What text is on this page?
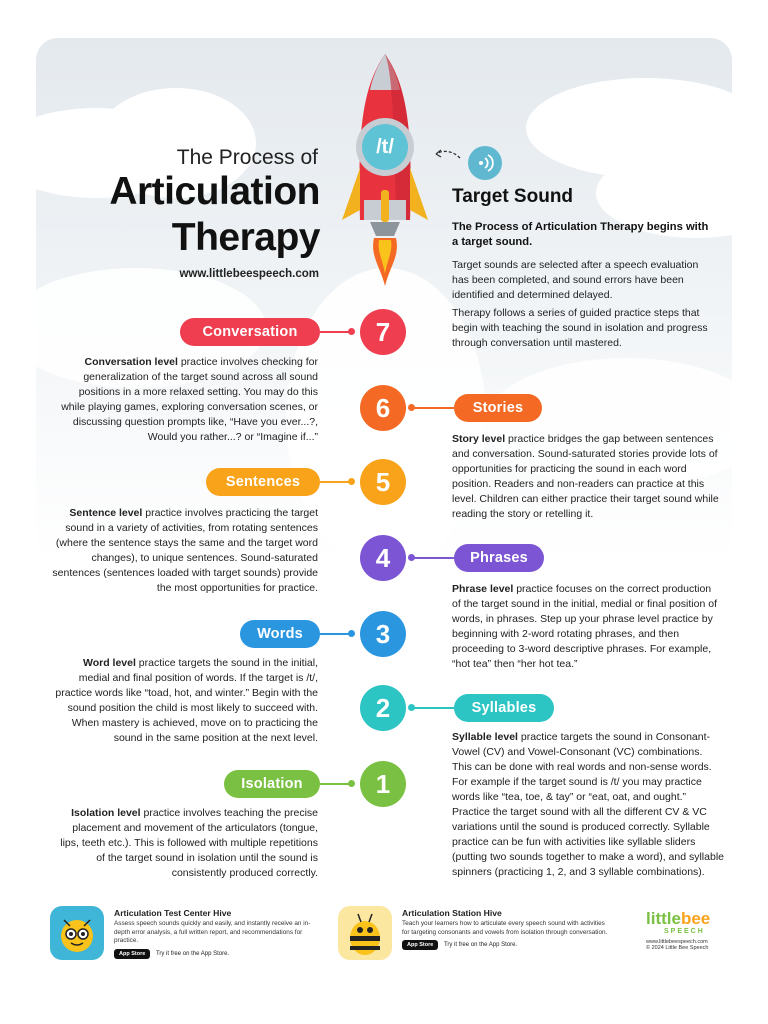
The Process of
Articulation
Therapy
www.littlebeespeech.com
/t/
Target Sound
The Process of Articulation Therapy begins with a target sound.
Target sounds are selected after a speech evaluation has been completed, and sound errors have been identified and determined delayed.
Therapy follows a series of guided practice steps that begin with teaching the sound in isolation and progress through conversation until mastered.
Conversation	7
Conversation level practice involves checking for generalization of the target sound across all sound positions in a more relaxed setting. You may do this while playing games, exploring conversation scenes, or discussing question prompts like, “Have you ever...?, Would you rather...? or “Imagine if...”
6	Stories
Story level practice bridges the gap between sentences and conversation. Sound-saturated stories provide lots of opportunities for practicing the sound in each word position. Readers and non-readers can practice at this level. Children can either practice their target sound while reading the story or retelling it.
Sentences	5
Sentence level practice involves practicing the target sound in a variety of activities, from rotating sentences (where the sentence stays the same and the target word changes), to unique sentences. Sound-saturated sentences (sentences loaded with target sounds) provide the most opportunities for practice.
4	Phrases
Phrase level practice focuses on the correct production of the target sound in the initial, medial or final position of words, in phrases. Step up your phrase level practice by beginning with 2-word rotating phrases, and then proceeding to 3-word descriptive phrases. For example, “hot tea” then “her hot tea.”
Words	3
Word level practice targets the sound in the initial, medial and final position of words. If the target is /t/, practice words like “toad, hot, and winter.” Begin with the sound position the child is most likely to succeed with. When mastery is achieved, move on to practicing the sound in the same position at the next level.
2	Syllables
Syllable level practice targets the sound in Consonant-Vowel (CV) and Vowel-Consonant (VC) combinations. This can be done with real words and non-sense words. For example if the target sound is /t/ you may practice words like “tea, toe, & tay” or “eat, oat, and ought.” Practice the target sound with all the different CV & VC variations until the sound is produced correctly. Syllable practice can be fun with activities like syllable sliders (putting two sounds together to make a word), and syllable spinners (practicing 1, 2, and 3 syllable combinations).
Isolation	1
Isolation level practice involves teaching the precise placement and movement of the articulators (tongue, lips, teeth etc.). This is followed with multiple repetitions of the target sound in isolation until the sound is consistently produced correctly.
Articulation Test Center Hive
Assess speech sounds quickly and easily, and instantly receive an in-depth error analysis, a full written report, and recommendations for practice.
App Store Try it free on the App Store.
Articulation Station Hive
Teach your learners how to articulate every speech sound with activities for targeting consonants and vowels from isolation through conversation.
App Store Try it free on the App Store.
littlebee
SPEECH
www.littlebeespeech.com
© 2024 Little Bee Speech
